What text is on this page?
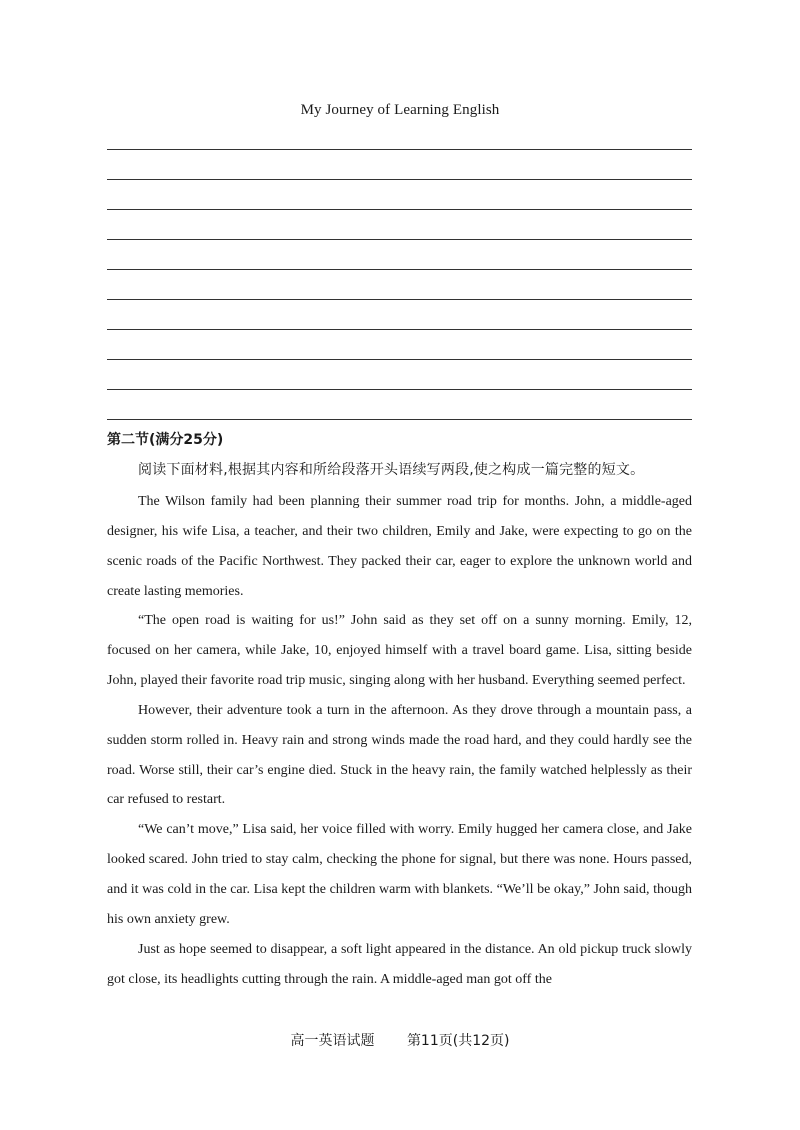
My Journey of Learning English
第二节(满分25分)
阅读下面材料,根据其内容和所给段落开头语续写两段,使之构成一篇完整的短文。

The Wilson family had been planning their summer road trip for months. John, a middle-aged designer, his wife Lisa, a teacher, and their two children, Emily and Jake, were expecting to go on the scenic roads of the Pacific Northwest. They packed their car, eager to explore the unknown world and create lasting memories.

“The open road is waiting for us!” John said as they set off on a sunny morning. Emily, 12, focused on her camera, while Jake, 10, enjoyed himself with a travel board game. Lisa, sitting beside John, played their favorite road trip music, singing along with her husband. Everything seemed perfect.

However, their adventure took a turn in the afternoon. As they drove through a mountain pass, a sudden storm rolled in. Heavy rain and strong winds made the road hard, and they could hardly see the road. Worse still, their car’s engine died. Stuck in the heavy rain, the family watched helplessly as their car refused to restart.

“We can’t move,” Lisa said, her voice filled with worry. Emily hugged her camera close, and Jake looked scared. John tried to stay calm, checking the phone for signal, but there was none. Hours passed, and it was cold in the car. Lisa kept the children warm with blankets. “We’ll be okay,” John said, though his own anxiety grew.

Just as hope seemed to disappear, a soft light appeared in the distance. An old pickup truck slowly got close, its headlights cutting through the rain. A middle-aged man got off the

高一英语试题 第11页(共12页)
